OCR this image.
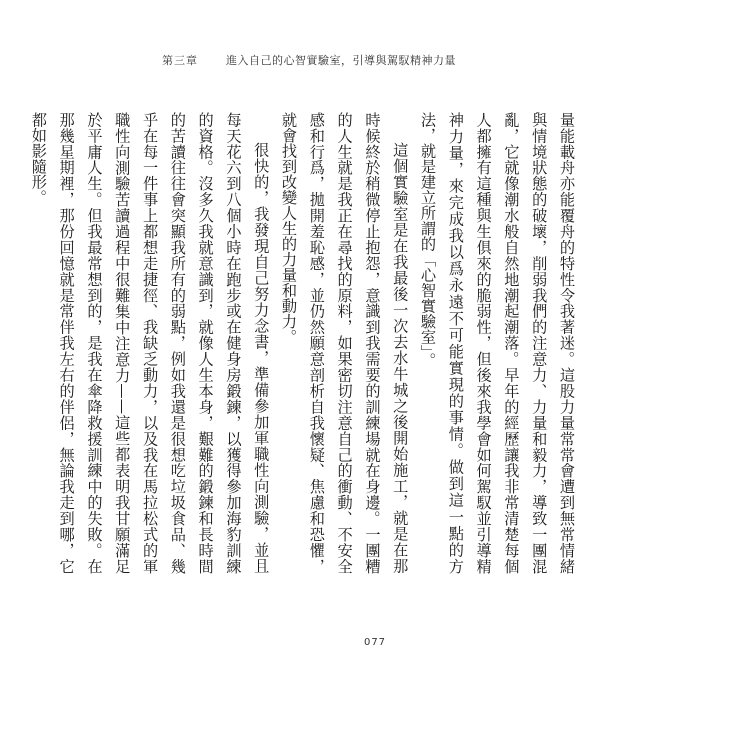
第三章	進入自己的心智實驗室，引導與駕馭精神力量

量能載舟亦能覆舟的特性令我著迷。這股力量常常會遭到無常情緒與情境狀態的破壞，削弱我們的注意力、力量和毅力，導致一團混亂，它就像潮水般自然地潮起潮落。早年的經歷讓我非常清楚每個人都擁有這種與生俱來的脆弱性，但後來我學會如何駕馭並引導精神力量，來完成我以爲永遠不可能實現的事情。做到這一點的方法，就是建立所謂的「心智實驗室」。

這個實驗室是在我最後一次去水牛城之後開始施工，就是在那時候終於稍微停止抱怨，意識到我需要的訓練場就在身邊。一團糟的人生就是我正在尋找的原料，如果密切注意自己的衝動、不安全感和行爲，拋開羞恥感，並仍然願意剖析自我懷疑、焦慮和恐懼，就會找到改變人生的力量和動力。

很快的，我發現自己努力念書，準備參加軍職性向測驗，並且每天花六到八個小時在跑步或在健身房鍛鍊，以獲得參加海豹訓練的資格。沒多久我就意識到，就像人生本身，艱難的鍛鍊和長時間的苦讀往往會突顯我所有的弱點，例如我還是很想吃垃圾食品、幾乎在每一件事上都想走捷徑、我缺乏動力，以及我在馬拉松式的軍職性向測驗苦讀過程中很難集中注意力——這些都表明我甘願滿足於平庸人生。但我最常想到的，是我在傘降救援訓練中的失敗。在那幾星期裡，那份回憶就是常伴我左右的伴侶，無論我走到哪，它都如影隨形。

077
